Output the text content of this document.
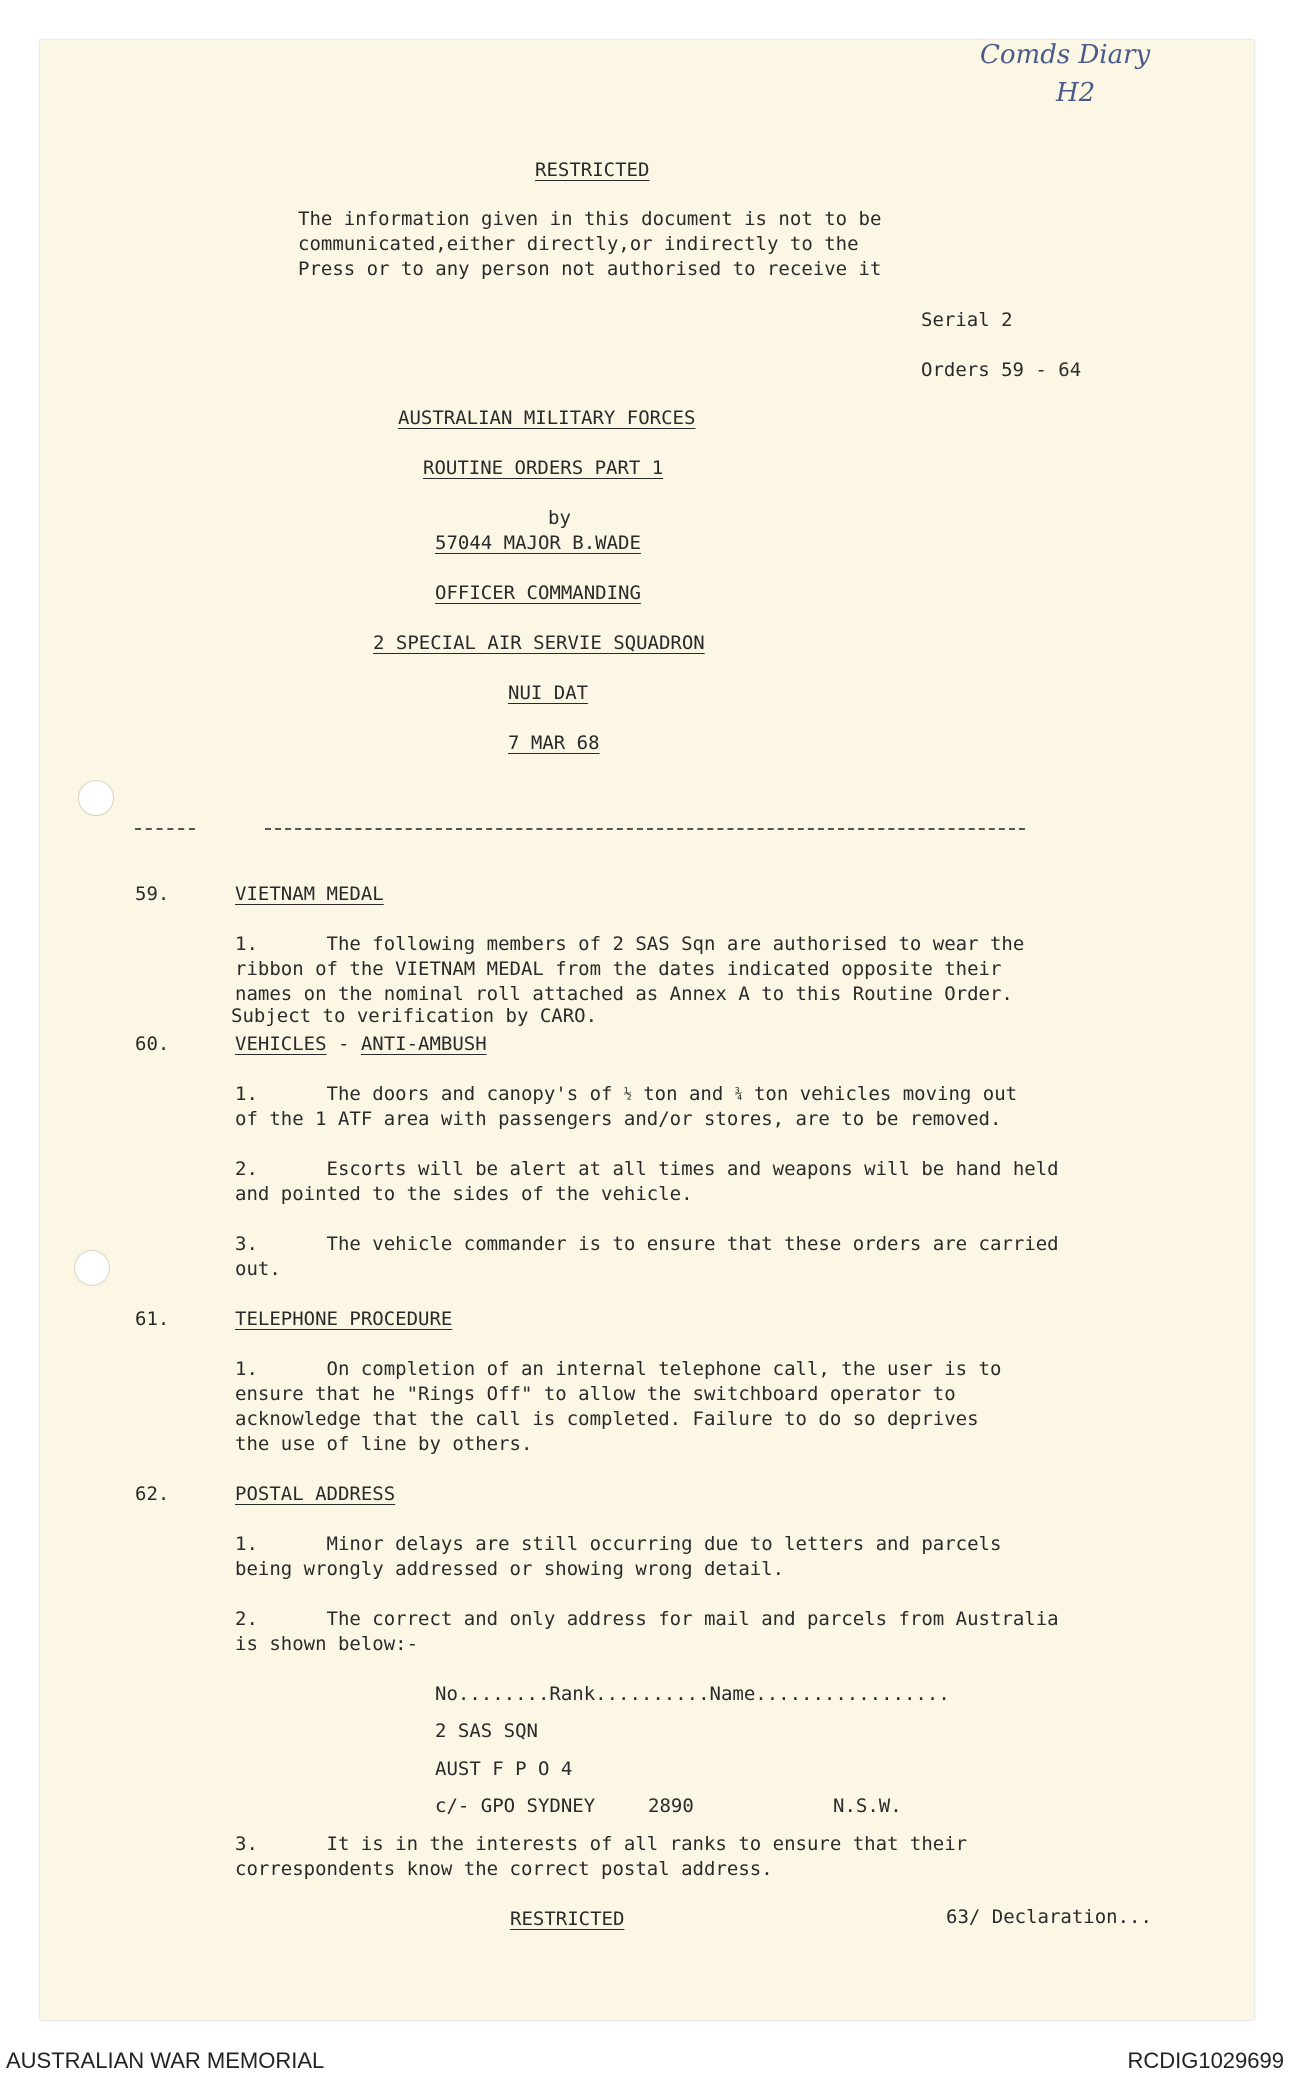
Comds Diary
H2
RESTRICTED
The information given in this document is not to be
communicated,either directly,or indirectly to the
Press or to any person not authorised to receive it
Serial 2
Orders 59 - 64
AUSTRALIAN MILITARY FORCES
ROUTINE ORDERS PART 1
by
57044 MAJOR B.WADE
OFFICER COMMANDING
2 SPECIAL AIR SERVIE SQUADRON
NUI DAT
7 MAR 68
59.	VIETNAM MEDAL
1.      The following members of 2 SAS Sqn are authorised to wear the
ribbon of the VIETNAM MEDAL from the dates indicated opposite their
names on the nominal roll attached as Annex A to this Routine Order.
Subject to verification by CARO.
60.	VEHICLES - ANTI-AMBUSH
1.      The doors and canopy's of ½ ton and ¾ ton vehicles moving out
of the 1 ATF area with passengers and/or stores, are to be removed.
2.      Escorts will be alert at all times and weapons will be hand held
and pointed to the sides of the vehicle.
3.      The vehicle commander is to ensure that these orders are carried
out.
61.	TELEPHONE PROCEDURE
1.      On completion of an internal telephone call, the user is to
ensure that he "Rings Off" to allow the switchboard operator to
acknowledge that the call is completed. Failure to do so deprives
the use of line by others.
62.	POSTAL ADDRESS
1.      Minor delays are still occurring due to letters and parcels
being wrongly addressed or showing wrong detail.
2.      The correct and only address for mail and parcels from Australia
is shown below:-
No........Rank..........Name.................
2 SAS SQN
AUST F P O 4
c/- GPO SYDNEY	2890	N.S.W.
3.      It is in the interests of all ranks to ensure that their
correspondents know the correct postal address.
RESTRICTED	63/ Declaration...
AUSTRALIAN WAR MEMORIAL	RCDIG1029699
